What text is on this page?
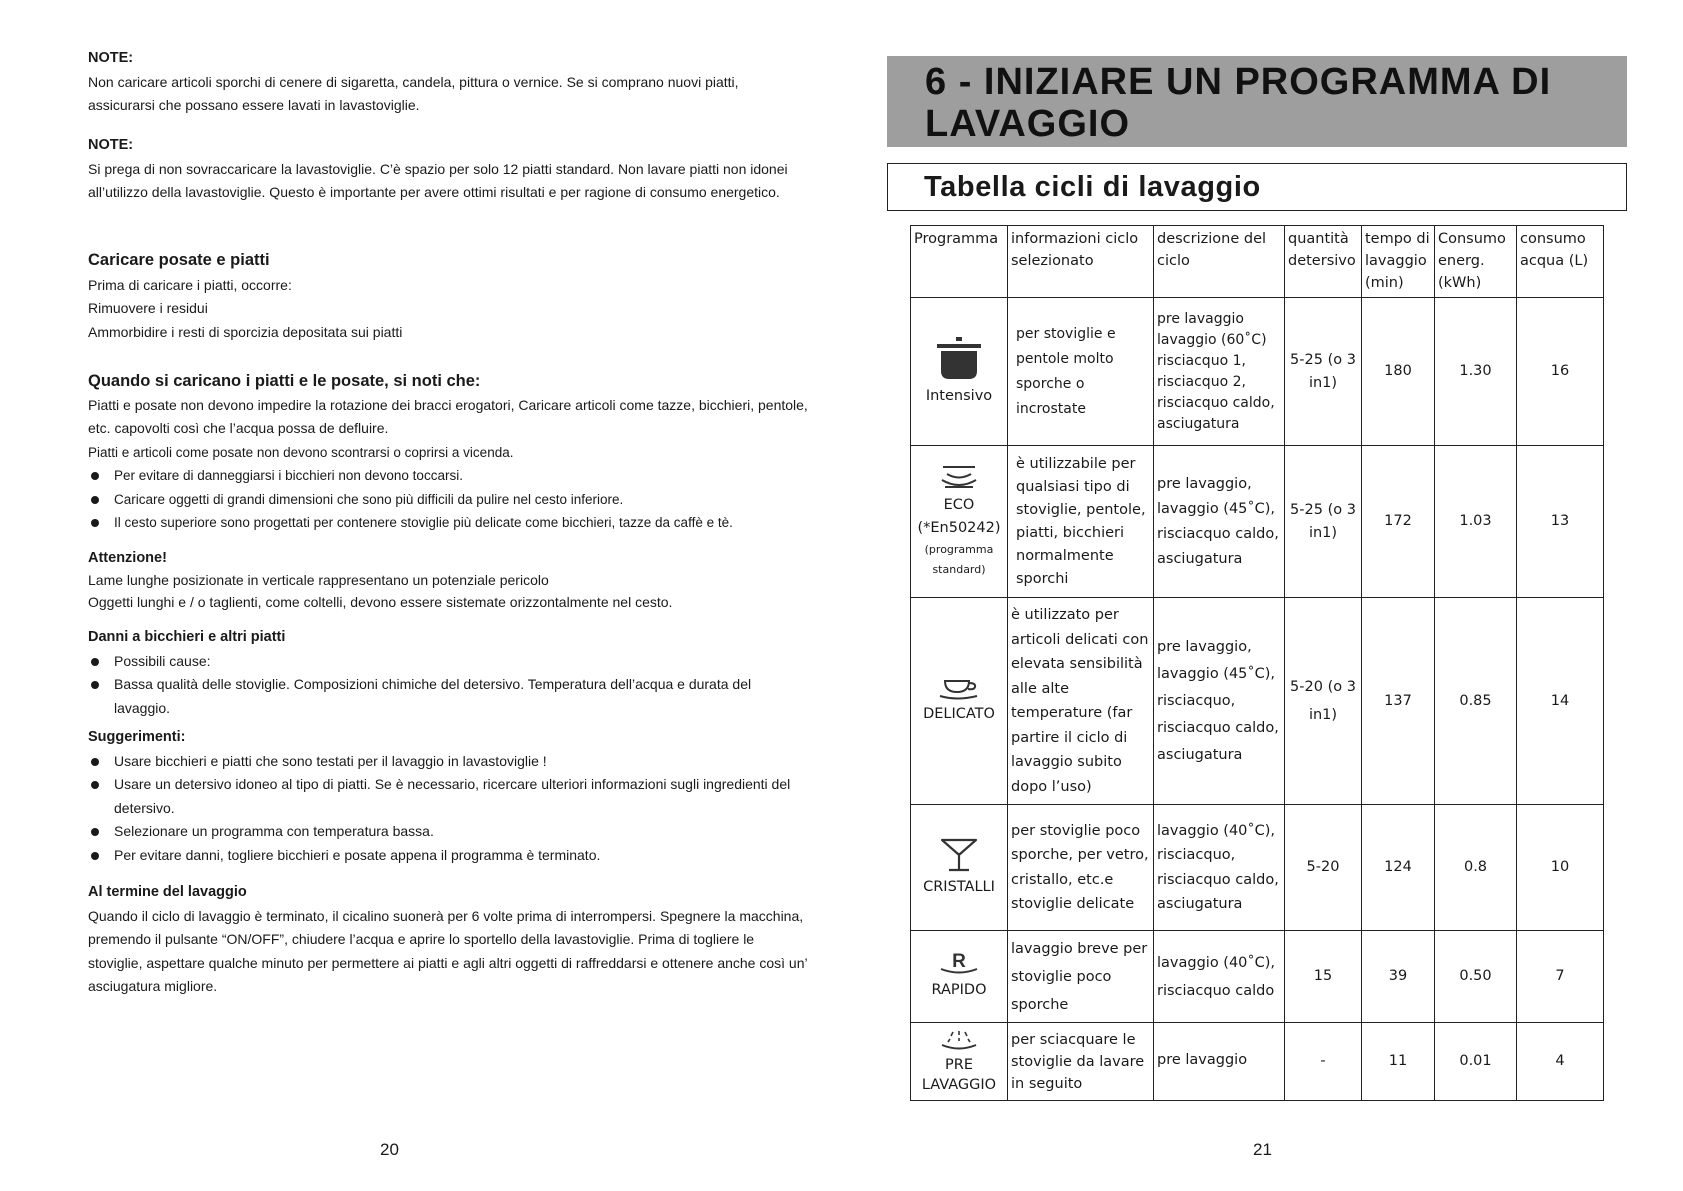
NOTE:

Non caricare articoli sporchi di cenere di sigaretta, candela, pittura o vernice. Se si comprano nuovi piatti, assicurarsi che possano essere lavati in lavastoviglie.

NOTE:

Si prega di non sovraccaricare la lavastoviglie. C’è spazio per solo 12 piatti standard. Non lavare piatti non idonei all’utilizzo della lavastoviglie. Questo è importante per avere ottimi risultati e per ragione di consumo energetico.

Caricare posate e piatti

Prima di caricare i piatti, occorre:

Rimuovere i residui

Ammorbidire i resti di sporcizia depositata sui piatti

Quando si caricano i piatti e le posate, si noti che:

Piatti e posate non devono impedire la rotazione dei bracci erogatori, Caricare articoli come tazze, bicchieri, pentole, etc. capovolti così che l’acqua possa de defluire.

Piatti e articoli come posate non devono scontrarsi o coprirsi a vicenda.

Per evitare di danneggiarsi i bicchieri non devono toccarsi.
Caricare oggetti di grandi dimensioni che sono più difficili da pulire nel cesto inferiore.
Il cesto superiore sono progettati per contenere stoviglie più delicate come bicchieri, tazze da caffè e tè.

Attenzione!

Lame lunghe posizionate in verticale rappresentano un potenziale pericolo

Oggetti lunghi e / o taglienti, come coltelli, devono essere sistemate orizzontalmente nel cesto.

Danni a bicchieri e altri piatti

Possibili cause:
Bassa qualità delle stoviglie. Composizioni chimiche del detersivo. Temperatura dell’acqua e durata del lavaggio.

Suggerimenti:

Usare bicchieri e piatti che sono testati per il lavaggio in lavastoviglie !
Usare un detersivo idoneo al tipo di piatti. Se è necessario, ricercare ulteriori informazioni sugli ingredienti del detersivo.
Selezionare un programma con temperatura bassa.
Per evitare danni, togliere bicchieri e posate appena il programma è terminato.

Al termine del lavaggio

Quando il ciclo di lavaggio è terminato, il cicalino suonerà per 6 volte prima di interrompersi. Spegnere la macchina, premendo il pulsante “ON/OFF”, chiudere l’acqua e aprire lo sportello della lavastoviglie. Prima di togliere le stoviglie, aspettare qualche minuto per permettere ai piatti e agli altri oggetti di raffreddarsi e ottenere anche così un’ asciugatura migliore.

20
6 - INIZIARE UN PROGRAMMA DI
LAVAGGIO
Tabella cicli di lavaggio
Programma	informazioni ciclo selezionato	descrizione del ciclo	quantità detersivo	tempo di lavaggio (min)	Consumo energ. (kWh)	consumo acqua (L)

Intensivo	per stoviglie e pentole molto sporche o incrostate	pre lavaggio lavaggio (60˚C) risciacquo 1, risciacquo 2, risciacquo caldo, asciugatura	5-25 (o 3 in1)	180	1.30	16

ECO
(*En50242)
(programma standard)	è utilizzabile per qualsiasi tipo di stoviglie, pentole, piatti, bicchieri normalmente sporchi	pre lavaggio, lavaggio (45˚C), risciacquo caldo, asciugatura	5-25 (o 3 in1)	172	1.03	13

DELICATO	è utilizzato per articoli delicati con elevata sensibilità alle alte temperature (far partire il ciclo di lavaggio subito dopo l’uso)	pre lavaggio, lavaggio (45˚C), risciacquo, risciacquo caldo, asciugatura	5-20 (o 3 in1)	137	0.85	14

CRISTALLI	per stoviglie poco sporche, per vetro, cristallo, etc.e stoviglie delicate	lavaggio (40˚C), risciacquo, risciacquo caldo, asciugatura	5-20	124	0.8	10

R
RAPIDO	lavaggio breve per stoviglie poco sporche	lavaggio (40˚C), risciacquo caldo	15	39	0.50	7

PRE LAVAGGIO	per sciacquare le stoviglie da lavare in seguito	pre lavaggio	-	11	0.01	4
21
